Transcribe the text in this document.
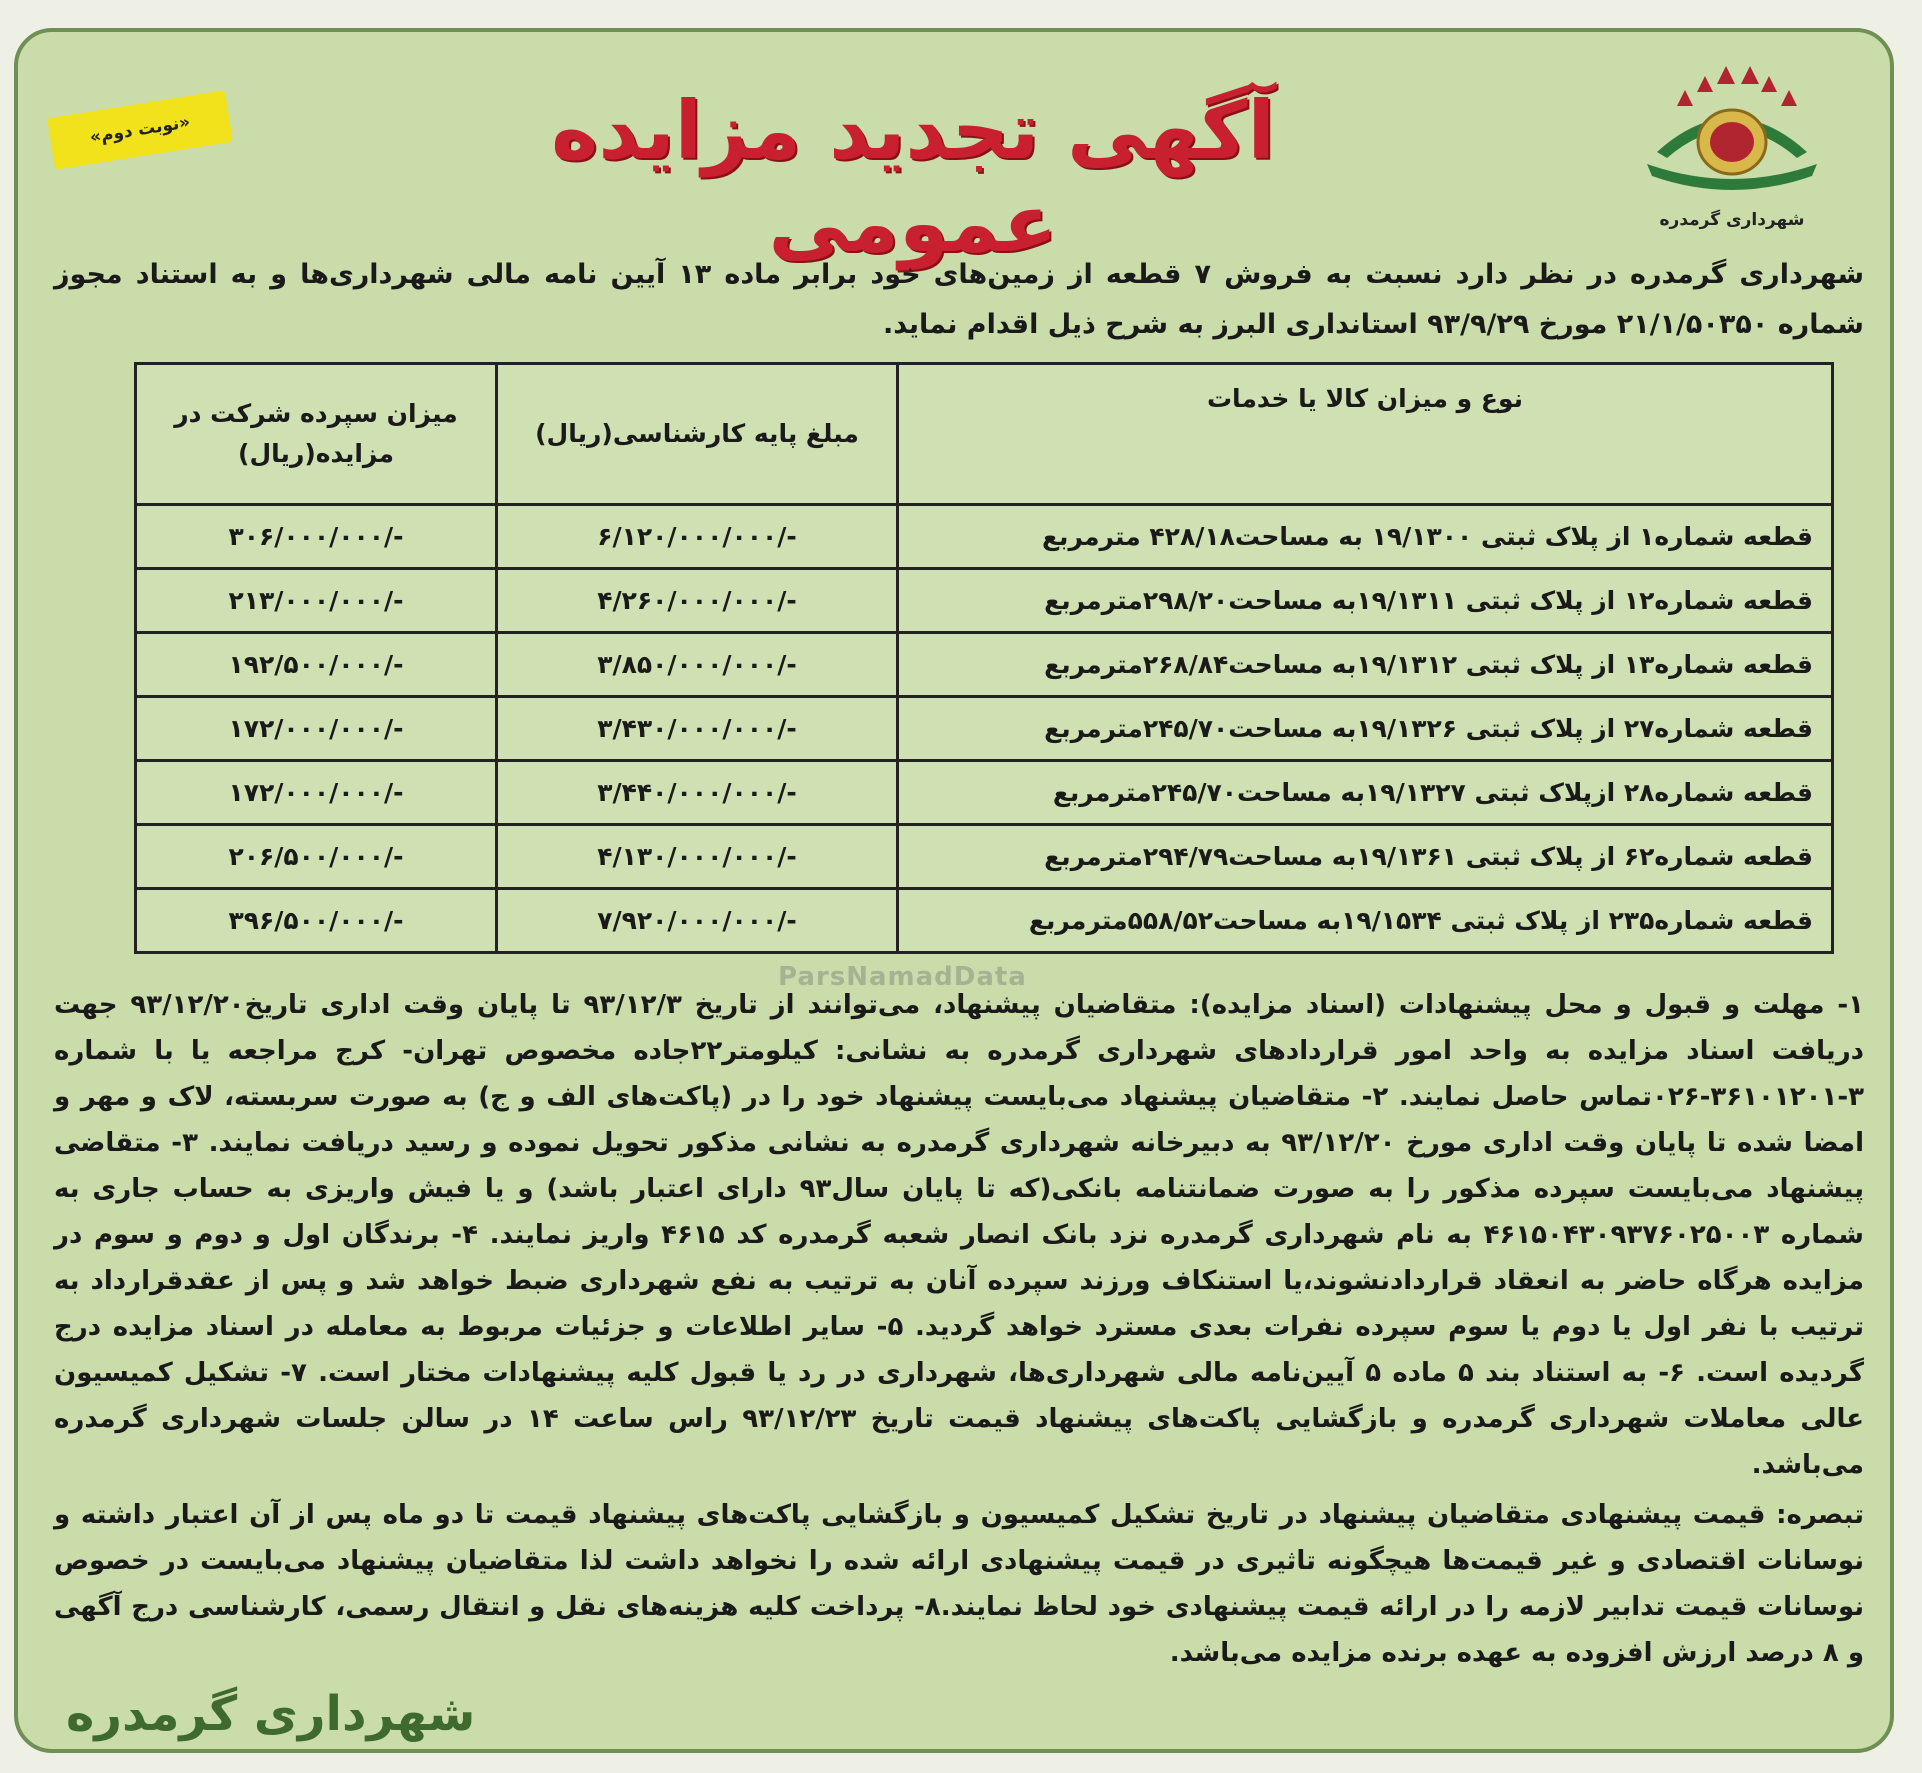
شهرداری گرمدره
آگهی تجدید مزایده عمومی
«نوبت دوم»
شهرداری گرمدره در نظر دارد نسبت به فروش ۷ قطعه از زمین‌های خود برابر ماده ۱۳ آیین نامه مالی شهرداری‌ها و به استناد مجوز شماره ۲۱/۱/۵۰۳۵۰ مورخ ۹۳/۹/۲۹ استانداری البرز به شرح ذیل اقدام نماید.
نوع و میزان کالا یا خدمات	مبلغ پایه کارشناسی(ریال)	میزان سپرده شرکت در مزایده(ریال)
قطعه شماره۱ از پلاک ثبتی ۱۹/۱۳۰۰ به مساحت۴۲۸/۱۸ مترمربع	۶/۱۲۰/۰۰۰/۰۰۰/-	۳۰۶/۰۰۰/۰۰۰/-
قطعه شماره۱۲ از پلاک ثبتی ۱۹/۱۳۱۱به مساحت۲۹۸/۲۰مترمربع	۴/۲۶۰/۰۰۰/۰۰۰/-	۲۱۳/۰۰۰/۰۰۰/-
قطعه شماره۱۳ از پلاک ثبتی ۱۹/۱۳۱۲به مساحت۲۶۸/۸۴مترمربع	۳/۸۵۰/۰۰۰/۰۰۰/-	۱۹۲/۵۰۰/۰۰۰/-
قطعه شماره۲۷ از پلاک ثبتی ۱۹/۱۳۲۶به مساحت۲۴۵/۷۰مترمربع	۳/۴۳۰/۰۰۰/۰۰۰/-	۱۷۲/۰۰۰/۰۰۰/-
قطعه شماره۲۸ ازپلاک ثبتی ۱۹/۱۳۲۷به مساحت۲۴۵/۷۰مترمربع	۳/۴۴۰/۰۰۰/۰۰۰/-	۱۷۲/۰۰۰/۰۰۰/-
قطعه شماره۶۲ از پلاک ثبتی ۱۹/۱۳۶۱به مساحت۲۹۴/۷۹مترمربع	۴/۱۳۰/۰۰۰/۰۰۰/-	۲۰۶/۵۰۰/۰۰۰/-
قطعه شماره۲۳۵ از پلاک ثبتی ۱۹/۱۵۳۴به مساحت۵۵۸/۵۲مترمربع	۷/۹۲۰/۰۰۰/۰۰۰/-	۳۹۶/۵۰۰/۰۰۰/-
ParsNamadData

۱- مهلت و قبول و محل پیشنهادات (اسناد مزایده): متقاضیان پیشنهاد، می‌توانند از تاریخ ۹۳/۱۲/۳ تا پایان وقت اداری تاریخ۹۳/۱۲/۲۰ جهت دریافت اسناد مزایده به واحد امور قراردادهای شهرداری گرمدره به نشانی: کیلومتر۲۲جاده مخصوص تهران- کرج مراجعه یا با شماره ۳-۳۶۱۰۱۲۰۱-۰۲۶تماس حاصل نمایند. ۲- متقاضیان پیشنهاد می‌بایست پیشنهاد خود را در (پاکت‌های الف و ج) به صورت سربسته، لاک و مهر و امضا شده تا پایان وقت اداری مورخ ۹۳/۱۲/۲۰ به دبیرخانه شهرداری گرمدره به نشانی مذکور تحویل نموده و رسید دریافت نمایند. ۳- متقاضی پیشنهاد می‌بایست سپرده مذکور را به صورت ضمانتنامه بانکی(که تا پایان سال۹۳ دارای اعتبار باشد) و یا فیش واریزی به حساب جاری به شماره ۴۶۱۵۰۴۳۰۹۳۷۶۰۲۵۰۰۳ به نام شهرداری گرمدره نزد بانک انصار شعبه گرمدره کد ۴۶۱۵ واریز نمایند. ۴- برندگان اول و دوم و سوم در مزایده هرگاه حاضر به انعقاد قراردادنشوند،یا استنکاف ورزند سپرده آنان به ترتیب به نفع شهرداری ضبط خواهد شد و پس از عقدقرارداد به ترتیب با نفر اول یا دوم یا سوم سپرده نفرات بعدی مسترد خواهد گردید. ۵- سایر اطلاعات و جزئیات مربوط به معامله در اسناد مزایده درج گردیده است. ۶- به استناد بند ۵ ماده ۵ آیین‌نامه مالی شهرداری‌ها، شهرداری در رد یا قبول کلیه پیشنهادات مختار است. ۷- تشکیل کمیسیون عالی معاملات شهرداری گرمدره و بازگشایی پاکت‌های پیشنهاد قیمت تاریخ ۹۳/۱۲/۲۳ راس ساعت ۱۴ در سالن جلسات شهرداری گرمدره می‌باشد.

تبصره: قیمت پیشنهادی متقاضیان پیشنهاد در تاریخ تشکیل کمیسیون و بازگشایی پاکت‌های پیشنهاد قیمت تا دو ماه پس از آن اعتبار داشته و نوسانات اقتصادی و غیر قیمت‌ها هیچگونه تاثیری در قیمت پیشنهادی ارائه شده را نخواهد داشت لذا متقاضیان پیشنهاد می‌بایست در خصوص نوسانات قیمت تدابیر لازمه را در ارائه قیمت پیشنهادی خود لحاظ نمایند.۸- پرداخت کلیه هزینه‌های نقل و انتقال رسمی، کارشناسی درج آگهی و ۸ درصد ارزش افزوده به عهده برنده مزایده می‌باشد.

شهرداری گرمدره
